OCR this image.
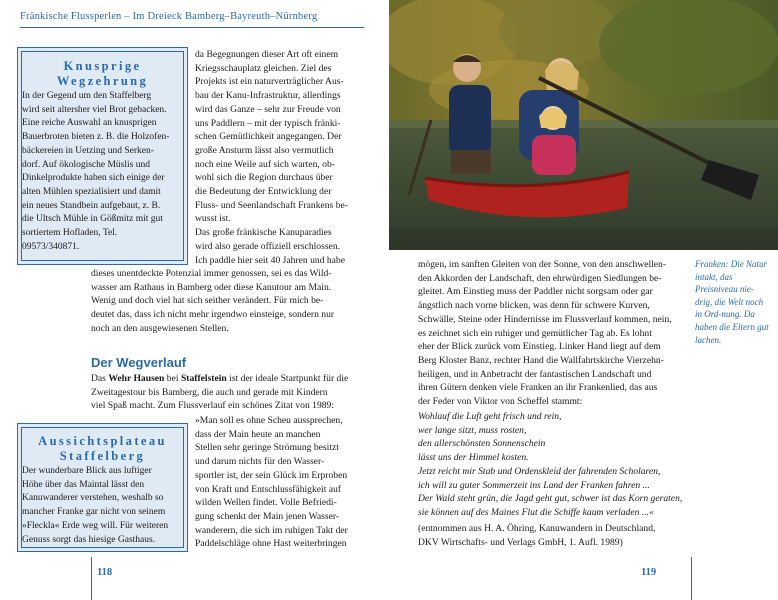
Fränkische Flussperlen – Im Dreieck Bamberg–Bayreuth–Nürnberg
Knusprige
Wegzehrung
In der Gegend um den Staffelberg
wird seit altersher viel Brot gebacken.
Eine reiche Auswahl an knusprigen
Bauerbroten bieten z. B. die Holzofen-
bäckereien in Uetzing und Serken-
dorf. Auf ökologische Müslis und
Dinkelprodukte haben sich einige der
alten Mühlen spezialisiert und damit
ein neues Standbein aufgebaut, z. B.
die Ultsch Mühle in Gößmitz mit gut
sortiertem Hofladen, Tel.
09573/340871.
da Begegnungen dieser Art oft einem
Kriegsschauplatz gleichen. Ziel des
Projekts ist ein naturverträglicher Aus-
bau der Kanu-Infrastruktur, allerdings
wird das Ganze – sehr zur Freude von
uns Paddlern – mit der typisch fränki-
schen Gemütlichkeit angegangen. Der
große Ansturm lässt also vermutlich
noch eine Weile auf sich warten, ob-
wohl sich die Region durchaus über
die Bedeutung der Entwicklung der
Fluss- und Seenlandschaft Frankens be-
wusst ist.
Das große fränkische Kanuparadies
wird also gerade offiziell erschlossen.
Ich paddle hier seit 40 Jahren und habe
dieses unentdeckte Potenzial immer genossen, sei es das Wild-
wasser am Rathaus in Bamberg oder diese Kanutour am Main.
Wenig und doch viel hat sich seither verändert. Für mich be-
deutet das, dass ich nicht mehr irgendwo einsteige, sondern nur
noch an den ausgewiesenen Stellen.
Der Wegverlauf
Das Wehr Hausen bei Staffelstein ist der ideale Startpunkt für die
Zweitagestour bis Bamberg, die auch und gerade mit Kindern
viel Spaß macht. Zum Flussverlauf ein schönes Zitat von 1989:
Aussichtsplateau
Staffelberg
Der wunderbare Blick aus luftiger
Höhe über das Maintal lässt den
Kanuwanderer verstehen, weshalb so
mancher Franke gar nicht von seinem
»Fleckla« Erde weg will. Für weiteren
Genuss sorgt das hiesige Gasthaus.
»Man soll es ohne Scheu aussprechen,
dass der Main heute an manchen
Stellen sehr geringe Strömung besitzt
und darum nichts für den Wasser-
sportler ist, der sein Glück im Erproben
von Kraft und Entschlussfähigkeit auf
wilden Wellen findet. Volle Befriedi-
gung schenkt der Main jenen Wasser-
wanderern, die sich im ruhigen Takt der
Paddelschläge ohne Hast weiterbringen
118
Franken: Die Natur intakt, das Preisniveau nie-drig, die Welt noch in Ord-nung. Da haben die Eltern gut lachen.
mögen, im sanften Gleiten von der Sonne, von den anschwellen-
den Akkorden der Landschaft, den ehrwürdigen Siedlungen be-
gleitet. Am Einstieg muss der Paddler nicht sorgsam oder gar
ängstlich nach vorne blicken, was denn für schwere Kurven,
Schwälle, Steine oder Hindernisse im Flussverlauf kommen, nein,
es zeichnet sich ein ruhiger und gemütlicher Tag ab. Es lohnt
eher der Blick zurück vom Einstieg. Linker Hand liegt auf dem
Berg Kloster Banz, rechter Hand die Wallfahrtskirche Vierzehn-
heiligen, und in Anbetracht der fantastischen Landschaft und
ihren Gütern denken viele Franken an ihr Frankenlied, das aus
der Feder von Viktor von Scheffel stammt:
Wohlauf die Luft geht frisch und rein,
wer lange sitzt, muss rosten,
den allerschönsten Sonnenschein
lässt uns der Himmel kosten.
Jetzt reicht mir Stab und Ordenskleid der fahrenden Scholaren,
ich will zu guter Sommerzeit ins Land der Franken fahren ...
Der Wald steht grün, die Jagd geht gut, schwer ist das Korn geraten,
sie können auf des Maines Flut die Schiffe kaum verladen ...«
(entnommen aus H. A. Öhring, Kanuwandern in Deutschland,
DKV Wirtschafts- und Verlags GmbH, 1. Aufl. 1989)
119
